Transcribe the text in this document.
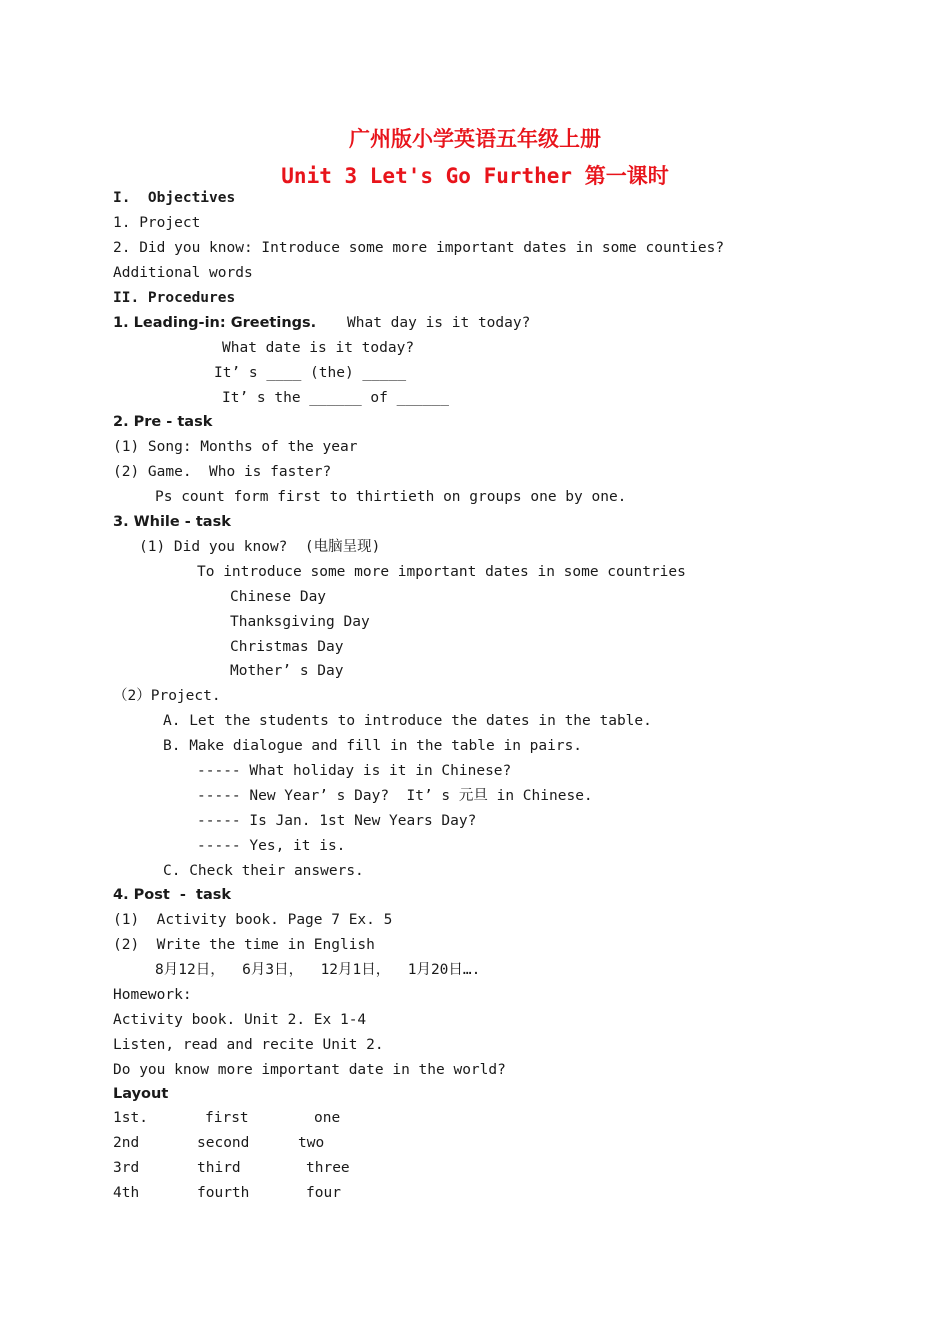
广州版小学英语五年级上册
Unit 3 Let's Go Further 第一课时
I.  Objectives
1. Project
2. Did you know: Introduce some more important dates in some counties?
Additional words
II. Procedures
1. Leading-in: Greetings. What day is it today?
What date is it today?
It’ s ____ (the) _____
It’ s the ______ of ______
2. Pre - task
(1) Song: Months of the year
(2) Game.  Who is faster?
Ps count form first to thirtieth on groups one by one.
3. While - task
(1) Did you know?  (电脑呈现)
To introduce some more important dates in some countries
Chinese Day
Thanksgiving Day
Christmas Day
Mother’ s Day
（2）Project.
A. Let the students to introduce the dates in the table.
B. Make dialogue and fill in the table in pairs.
----- What holiday is it in Chinese?
----- New Year’ s Day?  It’ s 元旦 in Chinese.
----- Is Jan. 1st New Years Day?
----- Yes, it is.
C. Check their answers.
4. Post  -  task
(1)  Activity book. Page 7 Ex. 5
(2)  Write the time in English
8月12日，  6月3日，  12月1日，  1月20日….
Homework:
Activity book. Unit 2. Ex 1-4
Listen, read and recite Unit 2.
Do you know more important date in the world?
Layout
1st.	first	one
2nd	second	two
3rd	third	three
4th	fourth	four
